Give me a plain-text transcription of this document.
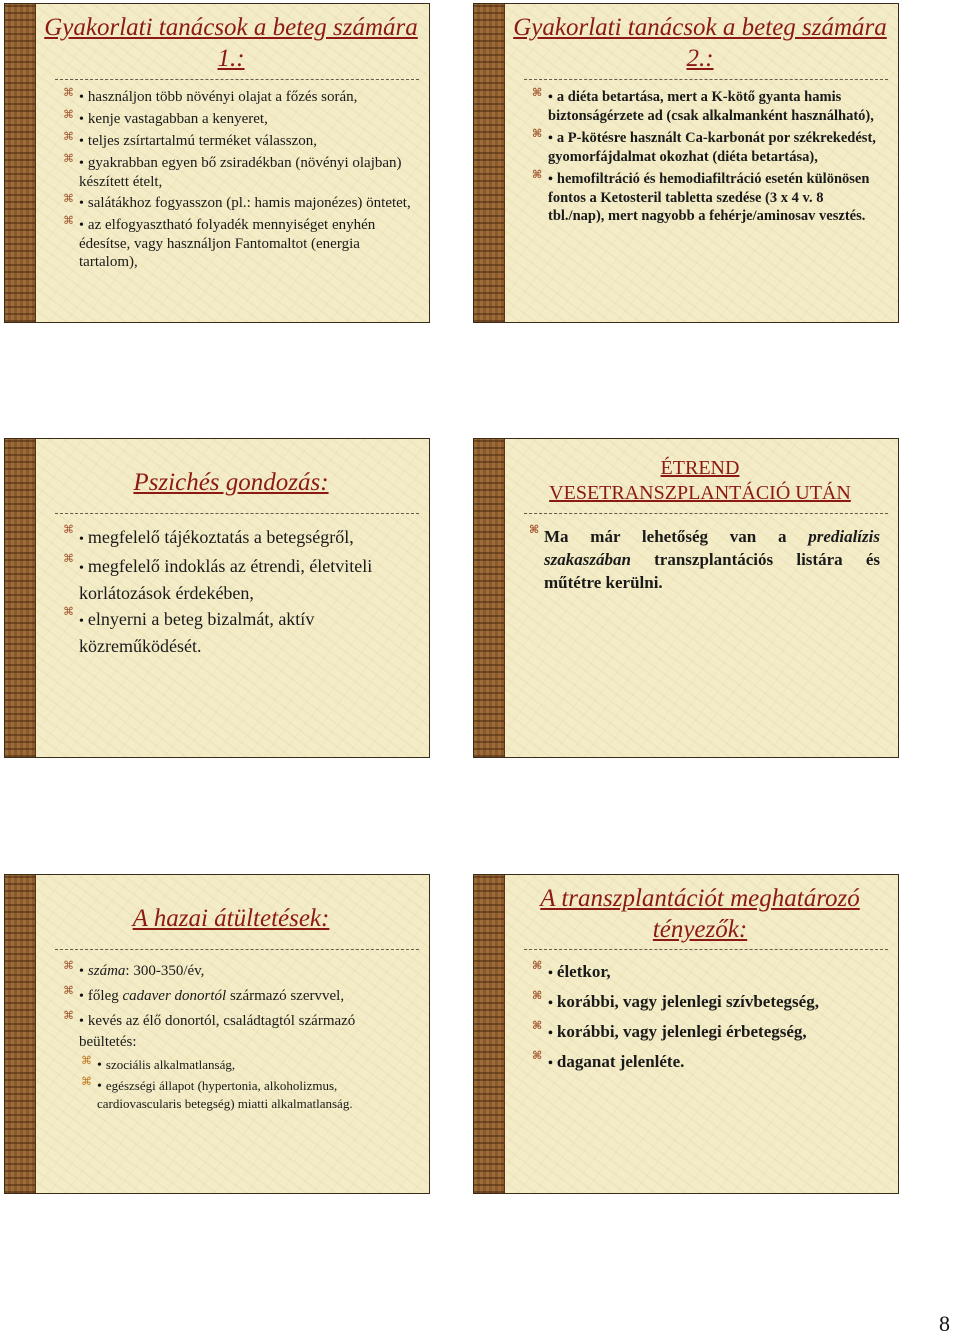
Gyakorlati tanácsok a beteg számára 1.:
⌘ • használjon több növényi olajat a főzés során,
⌘ • kenje vastagabban a kenyeret,
⌘ • teljes zsírtartalmú terméket válasszon,
⌘ • gyakrabban egyen bő zsiradékban (növényi olajban) készített ételt,
⌘ • salátákhoz fogyasszon (pl.: hamis majonézes) öntetet,
⌘ • az elfogyasztható folyadék mennyiséget enyhén édesítse, vagy használjon Fantomaltot (energia tartalom),
Gyakorlati tanácsok a beteg számára 2.:
⌘ • a diéta betartása, mert a K-kötő gyanta hamis biztonságérzete ad (csak alkalmanként használható),
⌘ • a P-kötésre használt Ca-karbonát por székrekedést, gyomorfájdalmat okozhat (diéta betartása),
⌘ • hemofiltráció és hemodiafiltráció esetén különösen fontos a Ketosteril tabletta szedése (3 x 4 v. 8 tbl./nap), mert nagyobb a fehérje/aminosav vesztés.
Pszichés gondozás:
⌘
• megfelelő tájékoztatás a betegségről,
⌘
• megfelelő indoklás az étrendi, életviteli korlátozások érdekében,
⌘
• elnyerni a beteg bizalmát, aktív közreműködését.
ÉTREND
VESETRANSZPLANTÁCIÓ UTÁN
⌘ Ma már lehetőség van a predialízis szakaszában transzplantációs listára és műtétre kerülni.
A hazai átültetések:
⌘ • száma: 300-350/év,
⌘ • főleg cadaver donortól származó szervvel,
⌘ • kevés az élő donortól, családtagtól származó beültetés:
⌘ • szociális alkalmatlanság,
⌘ • egészségi állapot (hypertonia, alkoholizmus, cardiovascularis betegség) miatti alkalmatlanság.
A transzplantációt meghatározó tényezők:
⌘ • életkor,
⌘ • korábbi, vagy jelenlegi szívbetegség,
⌘ • korábbi, vagy jelenlegi érbetegség,
⌘ • daganat jelenléte.
8
